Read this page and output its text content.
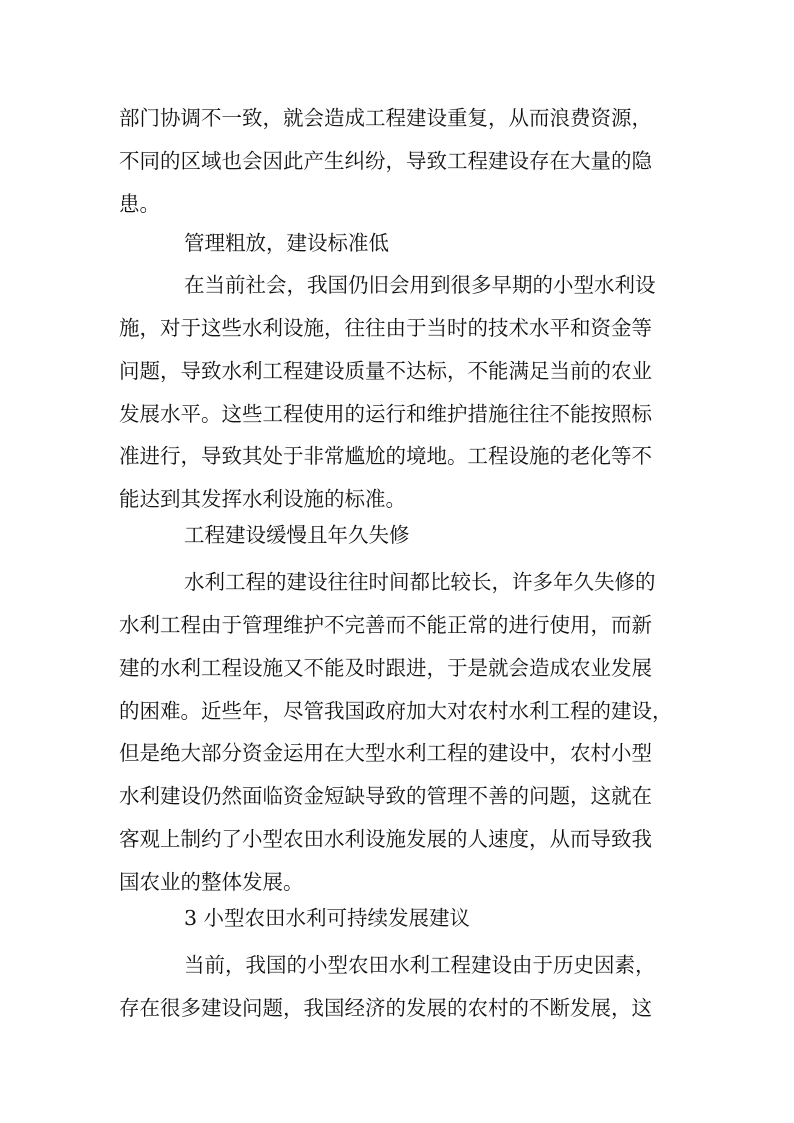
部门协调不一致，就会造成工程建设重复，从而浪费资源，
不同的区域也会因此产生纠纷，导致工程建设存在大量的隐
患。
管理粗放，建设标准低
在当前社会，我国仍旧会用到很多早期的小型水利设
施，对于这些水利设施，往往由于当时的技术水平和资金等
问题，导致水利工程建设质量不达标，不能满足当前的农业
发展水平。这些工程使用的运行和维护措施往往不能按照标
准进行，导致其处于非常尴尬的境地。工程设施的老化等不
能达到其发挥水利设施的标准。
工程建设缓慢且年久失修
水利工程的建设往往时间都比较长，许多年久失修的
水利工程由于管理维护不完善而不能正常的进行使用，而新
建的水利工程设施又不能及时跟进，于是就会造成农业发展
的困难。近些年，尽管我国政府加大对农村水利工程的建设，
但是绝大部分资金运用在大型水利工程的建设中，农村小型
水利建设仍然面临资金短缺导致的管理不善的问题，这就在
客观上制约了小型农田水利设施发展的人速度，从而导致我
国农业的整体发展。
3 小型农田水利可持续发展建议
当前，我国的小型农田水利工程建设由于历史因素，
存在很多建设问题，我国经济的发展的农村的不断发展，这
